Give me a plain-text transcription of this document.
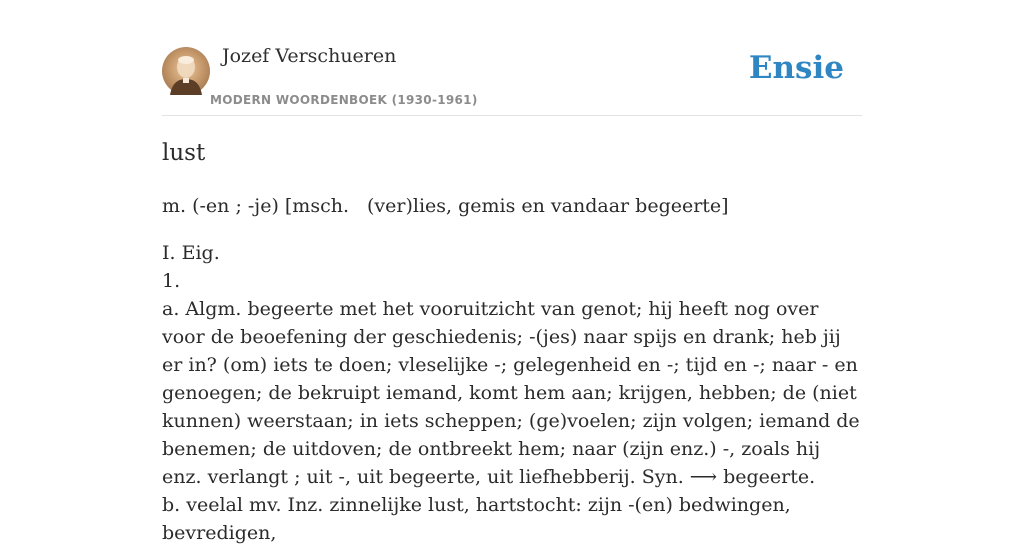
Jozef Verschueren
MODERN WOORDENBOEK (1930-1961)
Ensie
lust

m. (-en ; -je) [msch. (ver)lies, gemis en vandaar begeerte]

I. Eig.

1.

a. Algm. begeerte met het vooruitzicht van genot; hij heeft nog over voor de beoefening der geschiedenis; -(jes) naar spijs en drank; heb jij er in? (om) iets te doen; vleselijke -; gelegenheid en -; tijd en -; naar - en genoegen; de bekruipt iemand, komt hem aan; krijgen, hebben; de (niet kunnen) weerstaan; in iets scheppen; (ge)voelen; zijn volgen; iemand de benemen; de uitdoven; de ontbreekt hem; naar (zijn enz.) -, zoals hij enz. verlangt ; uit -, uit begeerte, uit liefhebberij. Syn. ⟶ begeerte.

b. veelal mv. Inz. zinnelijke lust, hartstocht: zijn -(en) bedwingen, bevredigen,
